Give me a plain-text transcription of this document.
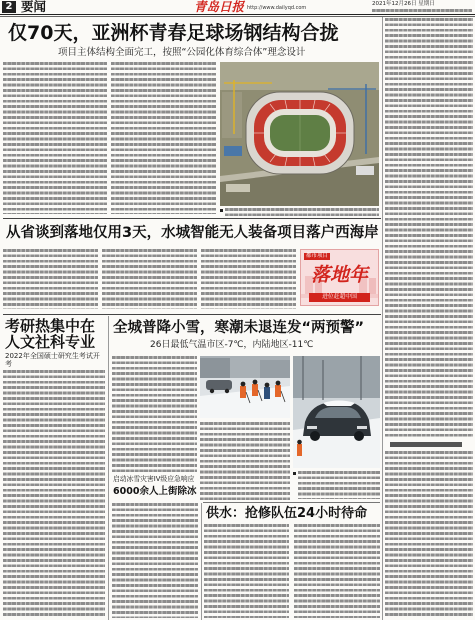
2 要闻	青岛日报 http://www.dailyqd.com
2021年12月26日 星期日
仅70天，亚洲杯青春足球场钢结构合拢
项目主体结构全面完工，按照“公园化体育综合体”理念设计
从省谈到落地仅用3天，水城智能无人装备项目落户西海岸
都市项目
落地年
进位赶超中国
考研热集中在
人文社科专业
2022年全国硕士研究生考试开考
全城普降小雪，寒潮未退连发“两预警”
26日最低气温市区-7℃，内陆地区-11℃
启动冰雪灾害IV级应急响应
6000余人上街除冰
供水：抢修队伍24小时待命
